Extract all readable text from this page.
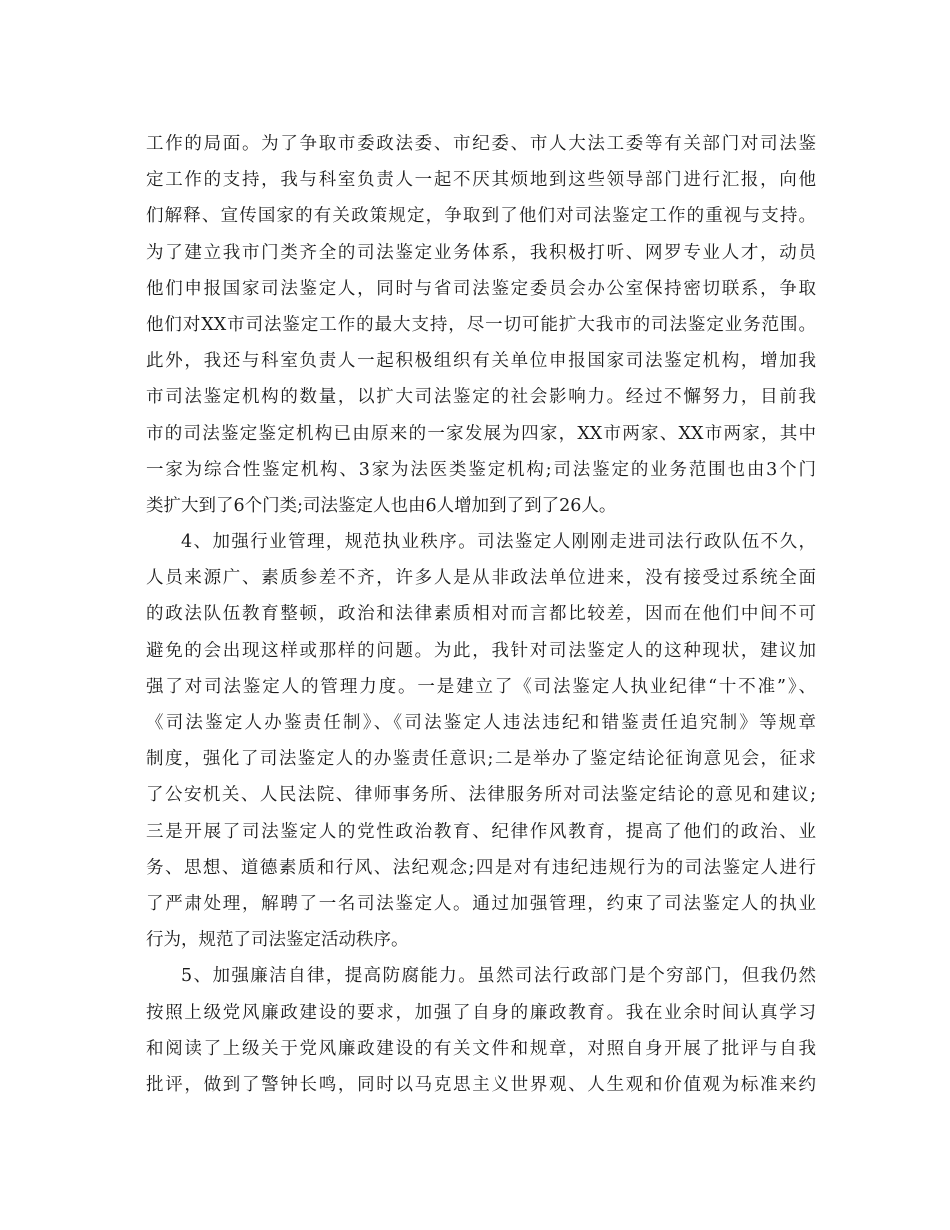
工作的局面。为了争取市委政法委、市纪委、市人大法工委等有关部门对司法鉴
定工作的支持，我与科室负责人一起不厌其烦地到这些领导部门进行汇报，向他
们解释、宣传国家的有关政策规定，争取到了他们对司法鉴定工作的重视与支持。
为了建立我市门类齐全的司法鉴定业务体系，我积极打听、网罗专业人才，动员
他们申报国家司法鉴定人，同时与省司法鉴定委员会办公室保持密切联系，争取
他们对XX市司法鉴定工作的最大支持，尽一切可能扩大我市的司法鉴定业务范围。
此外，我还与科室负责人一起积极组织有关单位申报国家司法鉴定机构，增加我
市司法鉴定机构的数量，以扩大司法鉴定的社会影响力。经过不懈努力，目前我
市的司法鉴定鉴定机构已由原来的一家发展为四家，XX市两家、XX市两家，其中
一家为综合性鉴定机构、3家为法医类鉴定机构;司法鉴定的业务范围也由3个门
类扩大到了6个门类;司法鉴定人也由6人增加到了到了26人。
4、加强行业管理，规范执业秩序。司法鉴定人刚刚走进司法行政队伍不久，
人员来源广、素质参差不齐，许多人是从非政法单位进来，没有接受过系统全面
的政法队伍教育整顿，政治和法律素质相对而言都比较差，因而在他们中间不可
避免的会出现这样或那样的问题。为此，我针对司法鉴定人的这种现状，建议加
强了对司法鉴定人的管理力度。一是建立了《司法鉴定人执业纪律“十不准”》、
《司法鉴定人办鉴责任制》、《司法鉴定人违法违纪和错鉴责任追究制》等规章
制度，强化了司法鉴定人的办鉴责任意识;二是举办了鉴定结论征询意见会，征求
了公安机关、人民法院、律师事务所、法律服务所对司法鉴定结论的意见和建议;
三是开展了司法鉴定人的党性政治教育、纪律作风教育，提高了他们的政治、业
务、思想、道德素质和行风、法纪观念;四是对有违纪违规行为的司法鉴定人进行
了严肃处理，解聘了一名司法鉴定人。通过加强管理，约束了司法鉴定人的执业
行为，规范了司法鉴定活动秩序。
5、加强廉洁自律，提高防腐能力。虽然司法行政部门是个穷部门，但我仍然
按照上级党风廉政建设的要求，加强了自身的廉政教育。我在业余时间认真学习
和阅读了上级关于党风廉政建设的有关文件和规章，对照自身开展了批评与自我
批评，做到了警钟长鸣，同时以马克思主义世界观、人生观和价值观为标准来约
